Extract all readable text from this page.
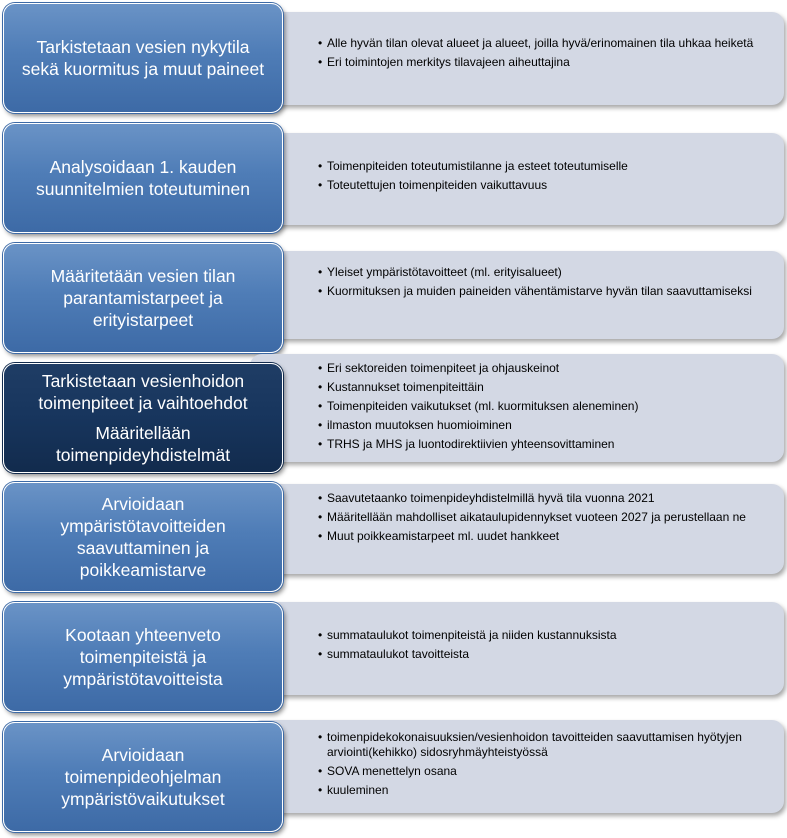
• Alle hyvän tilan olevat alueet ja alueet, joilla hyvä/erinomainen tila uhkaa heiketä
• Eri toimintojen merkitys tilavajeen aiheuttajina
Tarkistetaan vesien nykytila
sekä kuormitus ja muut paineet
• Toimenpiteiden toteutumistilanne ja esteet toteutumiselle
• Toteutettujen toimenpiteiden vaikuttavuus
Analysoidaan 1. kauden
suunnitelmien toteutuminen
• Yleiset ympäristötavoitteet (ml. erityisalueet)
• Kuormituksen ja muiden paineiden vähentämistarve hyvän tilan saavuttamiseksi
Määritetään vesien tilan
parantamistarpeet ja
erityistarpeet
• Eri sektoreiden toimenpiteet ja ohjauskeinot
• Kustannukset toimenpiteittäin
• Toimenpiteiden vaikutukset (ml. kuormituksen aleneminen)
• ilmaston muutoksen huomioiminen
• TRHS ja MHS ja luontodirektiivien yhteensovittaminen
Tarkistetaan vesienhoidon
toimenpiteet ja vaihtoehdot
Määritellään
toimenpideyhdistelmät
• Saavutetaanko toimenpideyhdistelmillä hyvä tila vuonna 2021
• Määritellään mahdolliset aikataulupidennykset vuoteen 2027 ja perustellaan ne
• Muut poikkeamistarpeet ml. uudet hankkeet
Arvioidaan
ympäristötavoitteiden
saavuttaminen ja
poikkeamistarve
• summataulukot toimenpiteistä ja niiden kustannuksista
• summataulukot tavoitteista
Kootaan yhteenveto
toimenpiteistä ja
ympäristötavoitteista
• toimenpidekokonaisuuksien/vesienhoidon tavoitteiden saavuttamisen hyötyjen arviointi(kehikko) sidosryhmäyhteistyössä
• SOVA menettelyn osana
• kuuleminen
Arvioidaan
toimenpideohjelman
ympäristövaikutukset
